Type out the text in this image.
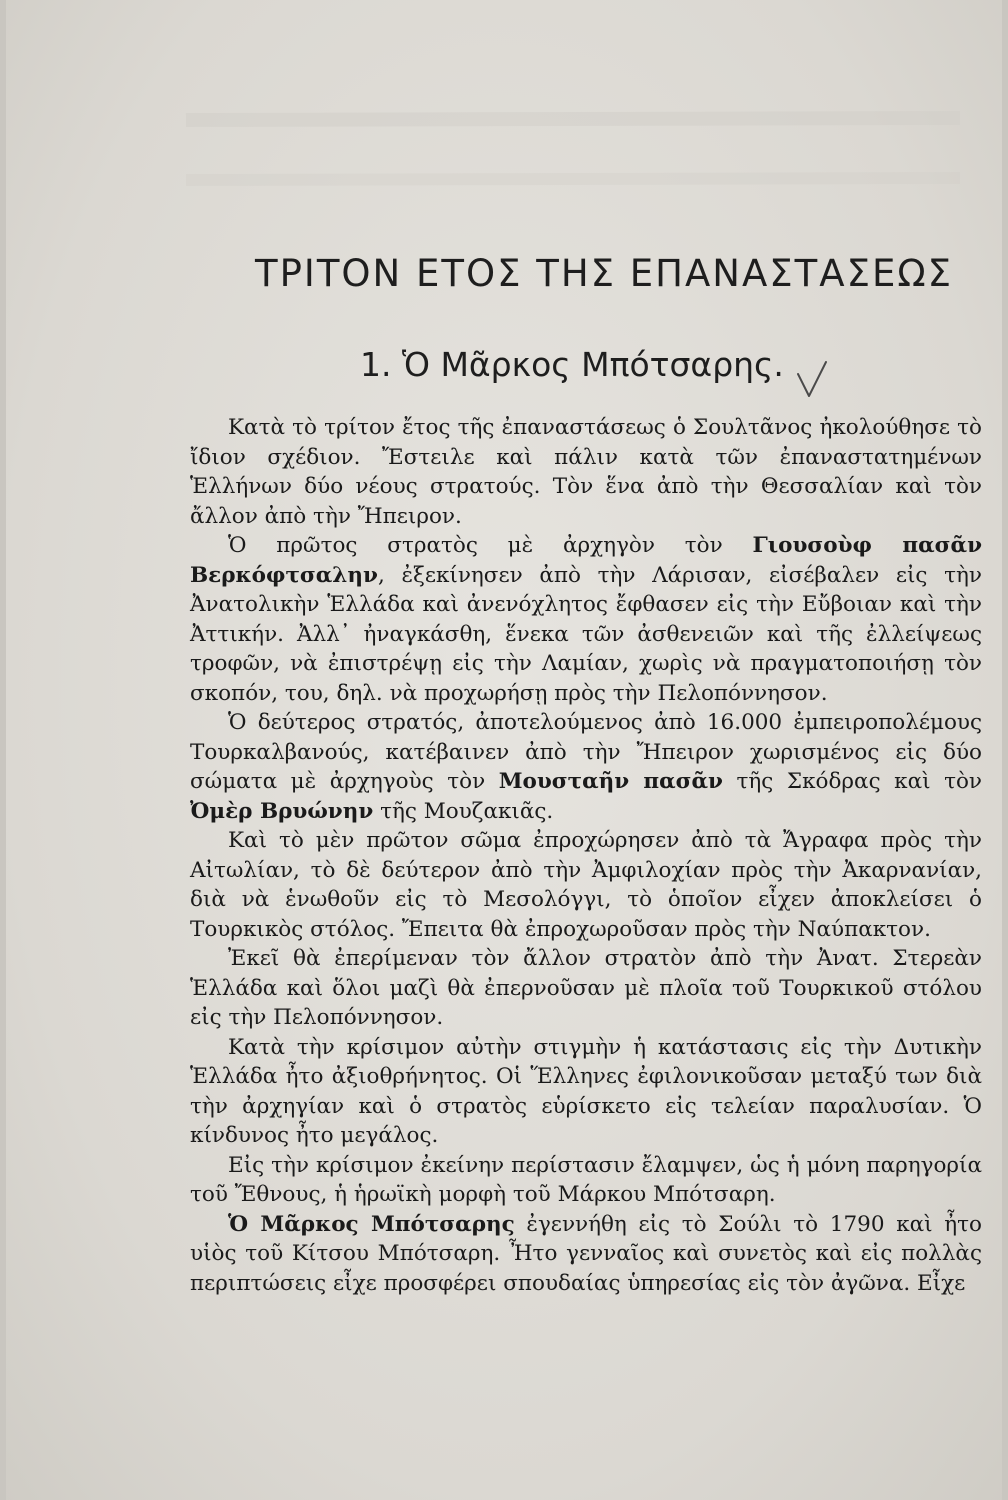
ΤΡΙΤΟΝ ΕΤΟΣ ΤΗΣ ΕΠΑΝΑΣΤΑΣΕΩΣ
1. Ὁ Μᾶρκος Μπότσαρης.

Κατὰ τὸ τρίτον ἔτος τῆς ἐπαναστάσεως ὁ Σουλτᾶνος ἠκολούθησε τὸ ἴδιον σχέδιον. Ἔστειλε καὶ πάλιν κατὰ τῶν ἐπαναστατημένων Ἑλλήνων δύο νέους στρατούς. Τὸν ἕνα ἀπὸ τὴν Θεσσαλίαν καὶ τὸν ἄλλον ἀπὸ τὴν Ἤπειρον.

Ὁ πρῶτος στρατὸς μὲ ἀρχηγὸν τὸν Γιουσοὺφ πασᾶν Βερκόφτσαλην, ἐξεκίνησεν ἀπὸ τὴν Λάρισαν, εἰσέβαλεν εἰς τὴν Ἀνατολικὴν Ἑλλάδα καὶ ἀνενόχλητος ἔφθασεν εἰς τὴν Εὔβοιαν καὶ τὴν Ἀττικήν. Ἀλλ᾽ ἠναγκάσθη, ἕνεκα τῶν ἀσθενειῶν καὶ τῆς ἐλλείψεως τροφῶν, νὰ ἐπιστρέψῃ εἰς τὴν Λαμίαν, χωρὶς νὰ πραγματοποιήσῃ τὸν σκοπόν, του, δηλ. νὰ προχωρήσῃ πρὸς τὴν Πελοπόννησον.

Ὁ δεύτερος στρατός, ἀποτελούμενος ἀπὸ 16.000 ἐμπειροπολέμους Τουρκαλβανούς, κατέβαινεν ἀπὸ τὴν Ἤπειρον χωρισμένος εἰς δύο σώματα μὲ ἀρχηγοὺς τὸν Μουσταῆν πασᾶν τῆς Σκόδρας καὶ τὸν Ὀμὲρ Βρυώνην τῆς Μουζακιᾶς.

Καὶ τὸ μὲν πρῶτον σῶμα ἐπροχώρησεν ἀπὸ τὰ Ἄγραφα πρὸς τὴν Αἰτωλίαν, τὸ δὲ δεύτερον ἀπὸ τὴν Ἀμφιλοχίαν πρὸς τὴν Ἀκαρνανίαν, διὰ νὰ ἑνωθοῦν εἰς τὸ Μεσολόγγι, τὸ ὁποῖον εἶχεν ἀποκλείσει ὁ Τουρκικὸς στόλος. Ἔπειτα θὰ ἐπροχωροῦσαν πρὸς τὴν Ναύπακτον.

Ἐκεῖ θὰ ἐπερίμεναν τὸν ἄλλον στρατὸν ἀπὸ τὴν Ἀνατ. Στερεὰν Ἑλλάδα καὶ ὅλοι μαζὶ θὰ ἐπερνοῦσαν μὲ πλοῖα τοῦ Τουρκικοῦ στόλου εἰς τὴν Πελοπόννησον.

Κατὰ τὴν κρίσιμον αὐτὴν στιγμὴν ἡ κατάστασις εἰς τὴν Δυτικὴν Ἑλλάδα ἦτο ἀξιοθρήνητος. Οἱ Ἕλληνες ἐφιλονικοῦσαν μεταξύ των διὰ τὴν ἀρχηγίαν καὶ ὁ στρατὸς εὑρίσκετο εἰς τελείαν παραλυσίαν. Ὁ κίνδυνος ἦτο μεγάλος.

Εἰς τὴν κρίσιμον ἐκείνην περίστασιν ἔλαμψεν, ὡς ἡ μόνη παρηγορία τοῦ Ἔθνους, ἡ ἡρωϊκὴ μορφὴ τοῦ Μάρκου Μπότσαρη.

Ὁ Μᾶρκος Μπότσαρης ἐγεννήθη εἰς τὸ Σούλι τὸ 1790 καὶ ἦτο υἱὸς τοῦ Κίτσου Μπότσαρη. Ἦτο γενναῖος καὶ συνετὸς καὶ εἰς πολλὰς περιπτώσεις εἶχε προσφέρει σπουδαίας ὑπηρεσίας εἰς τὸν ἀγῶνα. Εἶχε
